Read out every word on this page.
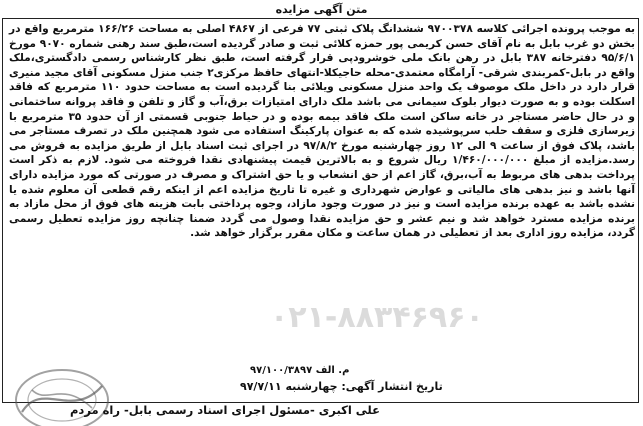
متن آگهی مزایده

به موجب پرونده اجرائی کلاسه ۹۷۰۰۳۷۸ ششدانگ پلاک ثبتی ۷۷ فرعی از ۴۸۶۷ اصلی به مساحت ۱۶۶/۲۶ مترمربع واقع در بخش دو غرب بابل به نام آقای حسن کریمی پور حمزه کلائی ثبت و صادر گردیده است،طبق سند رهنی شماره ۹۰۷۰ مورخ ۹۵/۶/۱ دفترخانه ۳۸۷ بابل در رهن بانک ملی خوشرودپی قرار گرفته است، طبق نظر کارشناس رسمی دادگستری،ملک واقع در بابل-کمربندی شرقی- آرامگاه معتمدی-محله حاجیکلا-انتهای حافظ مرکزی۲ جنب منزل مسکونی آقای مجید منیری قرار دارد در داخل ملک موصوف یک واحد منزل مسکونی ویلائی بنا گردیده است به مساحت حدود ۱۱۰ مترمربع که فاقد اسکلت بوده و به صورت دیوار بلوک سیمانی می باشد ملک دارای امتیازات برق،آب و گاز و تلفن و فاقد پروانه ساختمانی و در حال حاضر مستاجر در خانه ساکن است ملک فاقد بیمه بوده و در حیاط جنوبی قسمتی از آن حدود ۳۵ مترمربع با زیرسازی فلزی و سقف حلب سرپوشیده شده که به عنوان پارکینگ استفاده می شود همچنین ملک در تصرف مستاجر می باشد، پلاک فوق از ساعت ۹ الی ۱۲ روز چهارشنبه مورخ ۹۷/۸/۲ در اجرای ثبت اسناد بابل از طریق مزایده به فروش می رسد.مزایده از مبلغ ۱/۴۶۰/۰۰۰/۰۰۰ ریال شروع و به بالاترین قیمت پیشنهادی نقدا فروخته می شود. لازم به ذکر است پرداخت بدهی های مربوط به آب،برق، گاز اعم از حق انشعاب و یا حق اشتراک و مصرف در صورتی که مورد مزایده دارای آنها باشد و نیز بدهی های مالیاتی و عوارض شهرداری و غیره تا تاریخ مزایده اعم از اینکه رقم قطعی آن معلوم شده یا نشده باشد به عهده برنده مزایده است و نیز در صورت وجود مازاد، وجوه پرداختی بابت هزینه های فوق از محل مازاد به برنده مزایده مسترد خواهد شد و نیم عشر و حق مزایده نقدا وصول می گردد ضمنا چنانچه روز مزایده تعطیل رسمی گردد، مزایده روز اداری بعد از تعطیلی در همان ساعت و مکان مقرر برگزار خواهد شد.

۰۲۱-۸۸۳۴۶۹۶۰
م. الف ۹۷/۱۰۰/۳۸۹۷
تاریخ انتشار آگهی: چهارشنبه ۹۷/۷/۱۱
علی اکبری -مسئول اجرای اسناد رسمی بابل- راه مردم
